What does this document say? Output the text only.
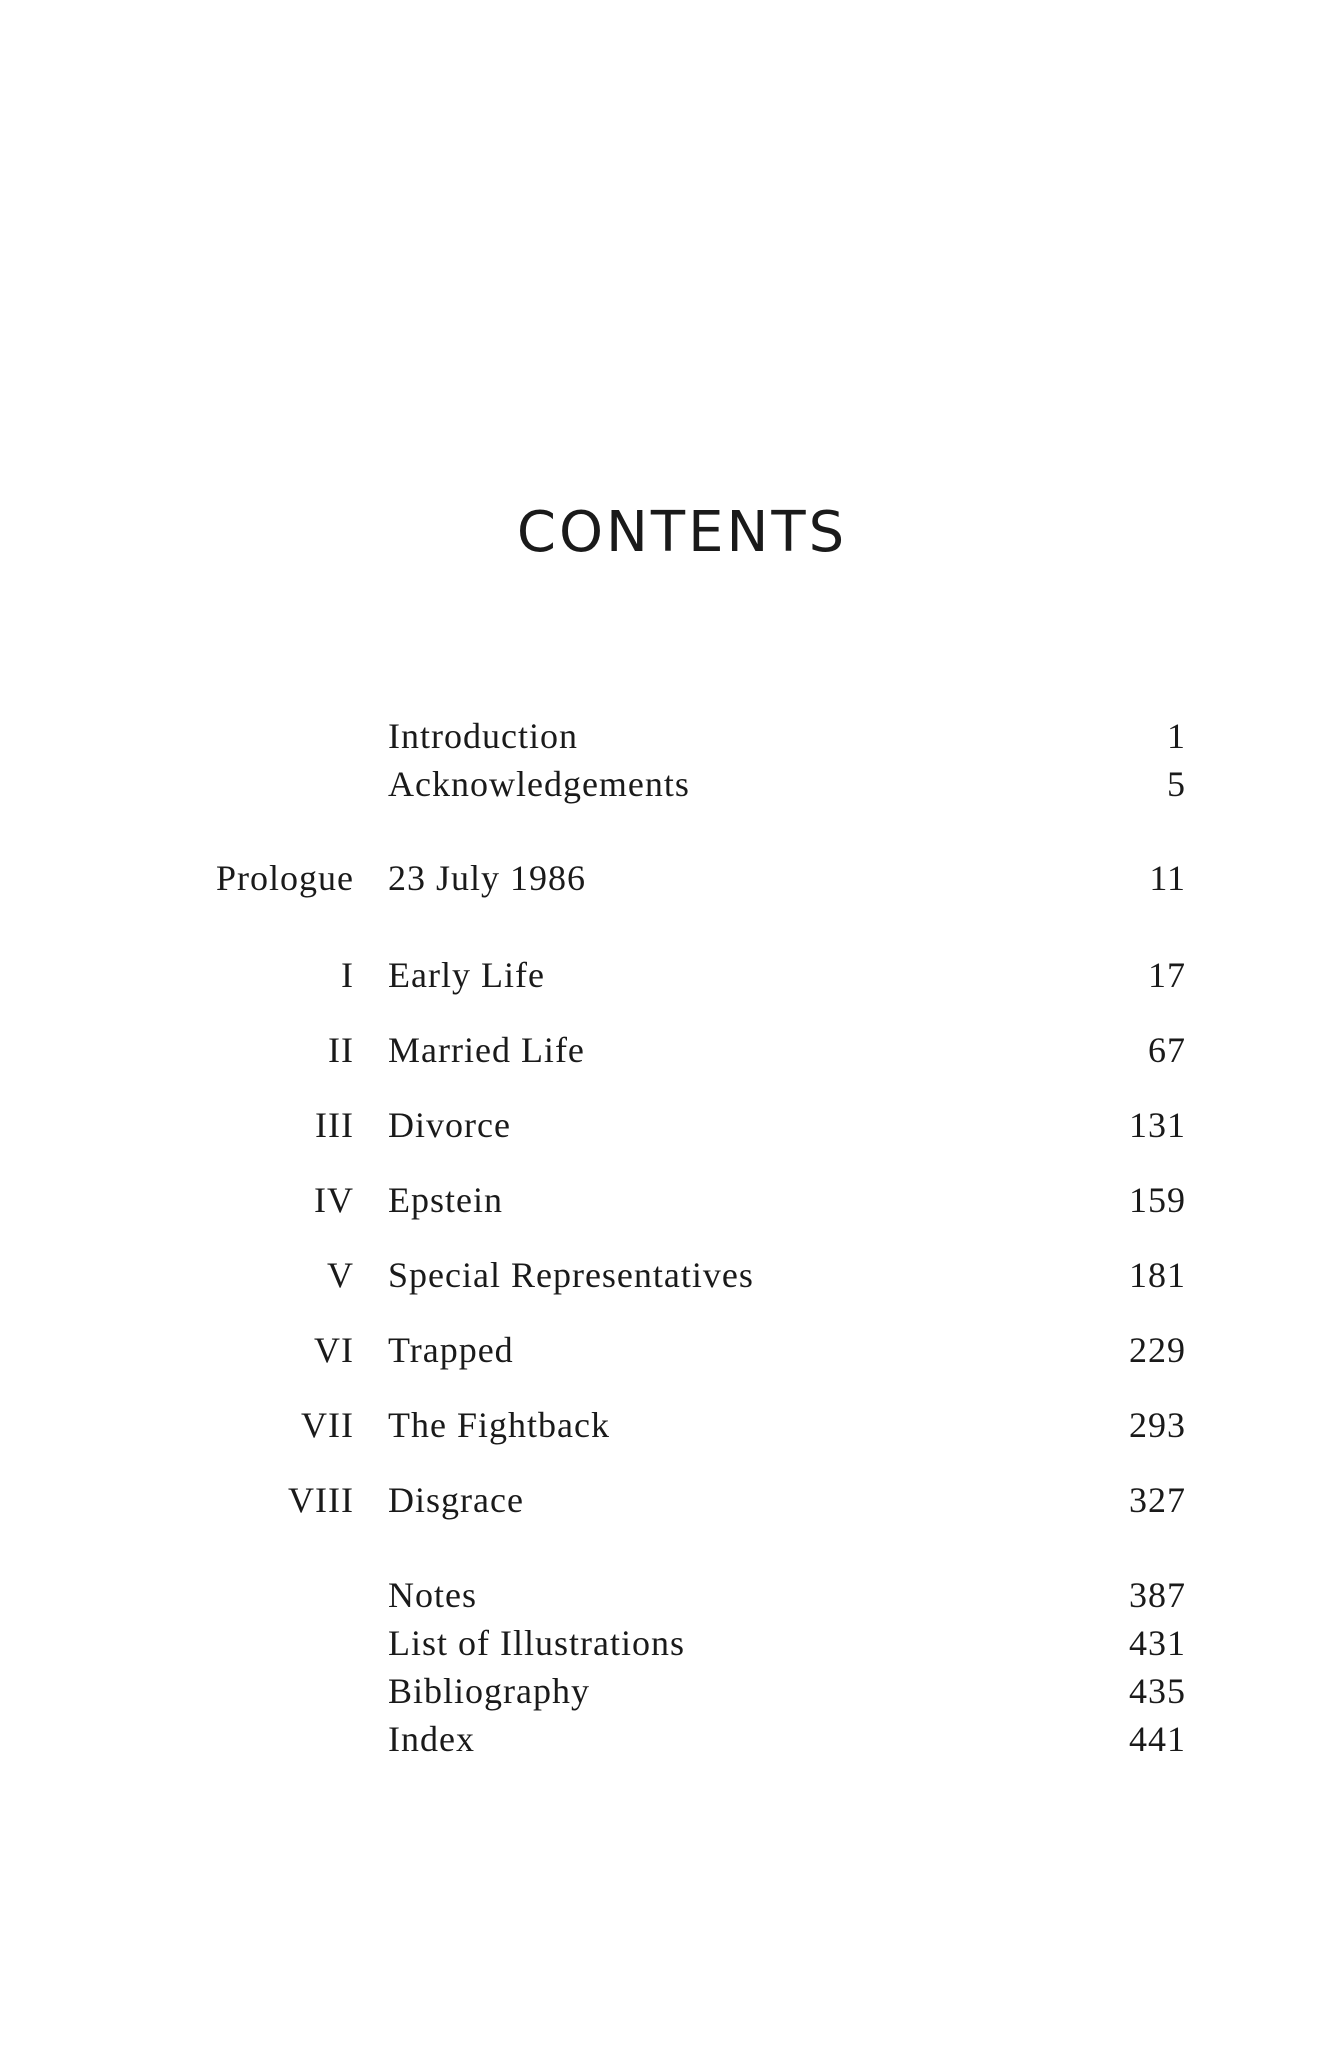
CONTENTS
Introduction	1
Acknowledgements	5
Prologue 23 July 1986	11
I Early Life	17
II Married Life	67
III Divorce	131
IV Epstein	159
V Special Representatives	181
VI Trapped	229
VII The Fightback	293
VIII Disgrace	327
Notes	387
List of Illustrations	431
Bibliography	435
Index	441
